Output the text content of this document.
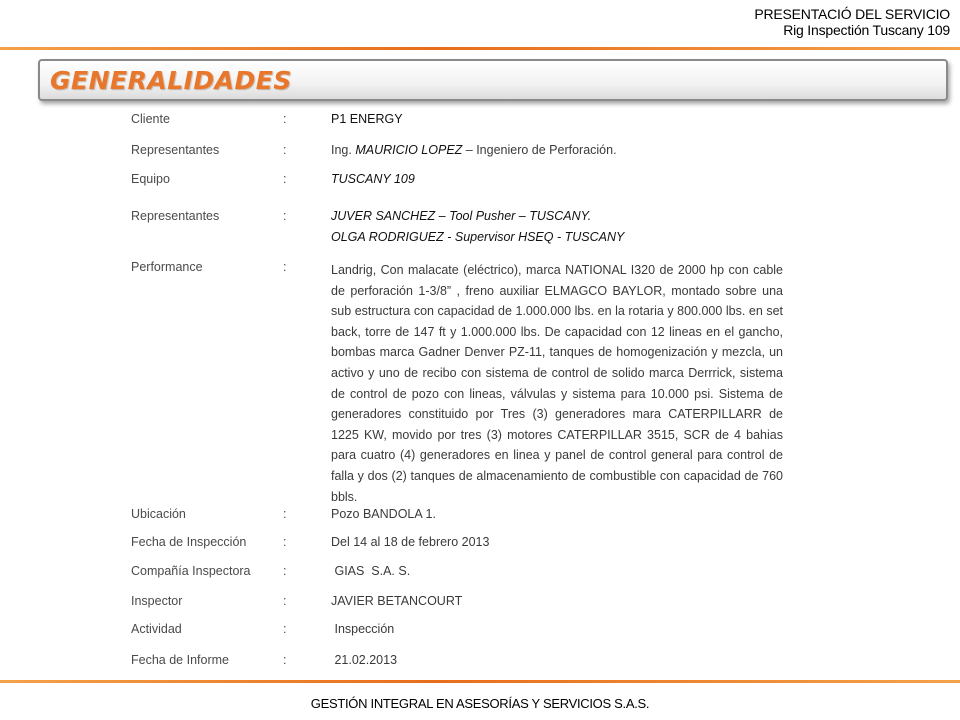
PRESENTACIÓ DEL SERVICIO
Rig Inspectión Tuscany 109
GENERALIDADES
Cliente	:	P1 ENERGY
Representantes	:	Ing. MAURICIO LOPEZ – Ingeniero de Perforación.
Equipo	:	TUSCANY 109
Representantes	:	JUVER SANCHEZ – Tool Pusher – TUSCANY.
OLGA RODRIGUEZ - Supervisor HSEQ - TUSCANY
Performance	:	Landrig, Con malacate (eléctrico), marca NATIONAL I320 de 2000 hp con cable de perforación 1-3/8” , freno auxiliar ELMAGCO BAYLOR, montado sobre una sub estructura con capacidad de 1.000.000 lbs. en la rotaria y 800.000 lbs. en set back, torre de 147 ft y 1.000.000 lbs. De capacidad con 12 lineas en el gancho, bombas marca Gadner Denver PZ-11, tanques de homogenización y mezcla, un activo y uno de recibo con sistema de control de solido marca Derrrick, sistema de control de pozo con lineas, válvulas y sistema para 10.000 psi. Sistema de generadores constituido por Tres (3) generadores mara CATERPILLARR de 1225 KW, movido por tres (3) motores CATERPILLAR 3515, SCR de 4 bahias para cuatro (4) generadores en linea y panel de control general para control de falla y dos (2) tanques de almacenamiento de combustible con capacidad de 760 bbls.
Ubicación	:	Pozo BANDOLA 1.
Fecha de Inspección	:	Del 14 al 18 de febrero 2013
Compañía Inspectora	:	GIAS  S.A. S.
Inspector	:	JAVIER BETANCOURT
Actividad	:	Inspección
Fecha de Informe	:	21.02.2013
GESTIÓN INTEGRAL EN ASESORÍAS Y SERVICIOS S.A.S.
